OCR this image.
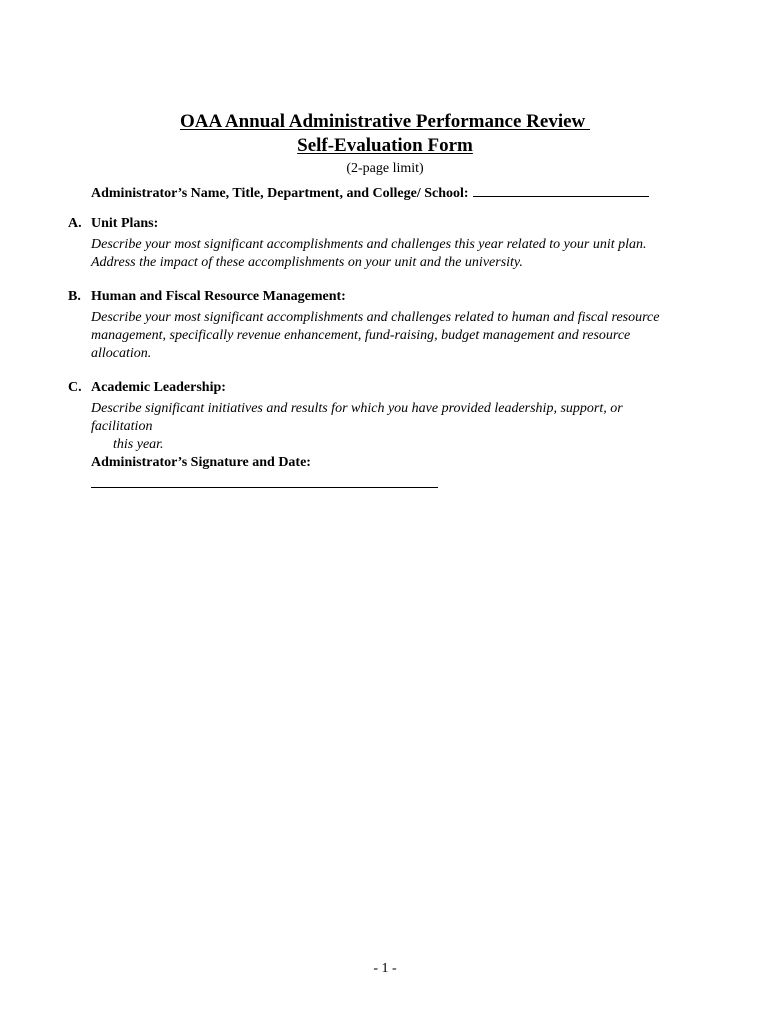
OAA Annual Administrative Performance Review
Self-Evaluation Form
(2-page limit)
Administrator’s Name, Title, Department, and College/ School:
A. Unit Plans:
Describe your most significant accomplishments and challenges this year related to your unit plan. Address the impact of these accomplishments on your unit and the university.
B. Human and Fiscal Resource Management:
Describe your most significant accomplishments and challenges related to human and fiscal resource management, specifically revenue enhancement, fund-raising, budget management and resource allocation.
C. Academic Leadership:
Describe significant initiatives and results for which you have provided leadership, support, or facilitation
this year.
Administrator’s Signature and Date:
- 1 -
